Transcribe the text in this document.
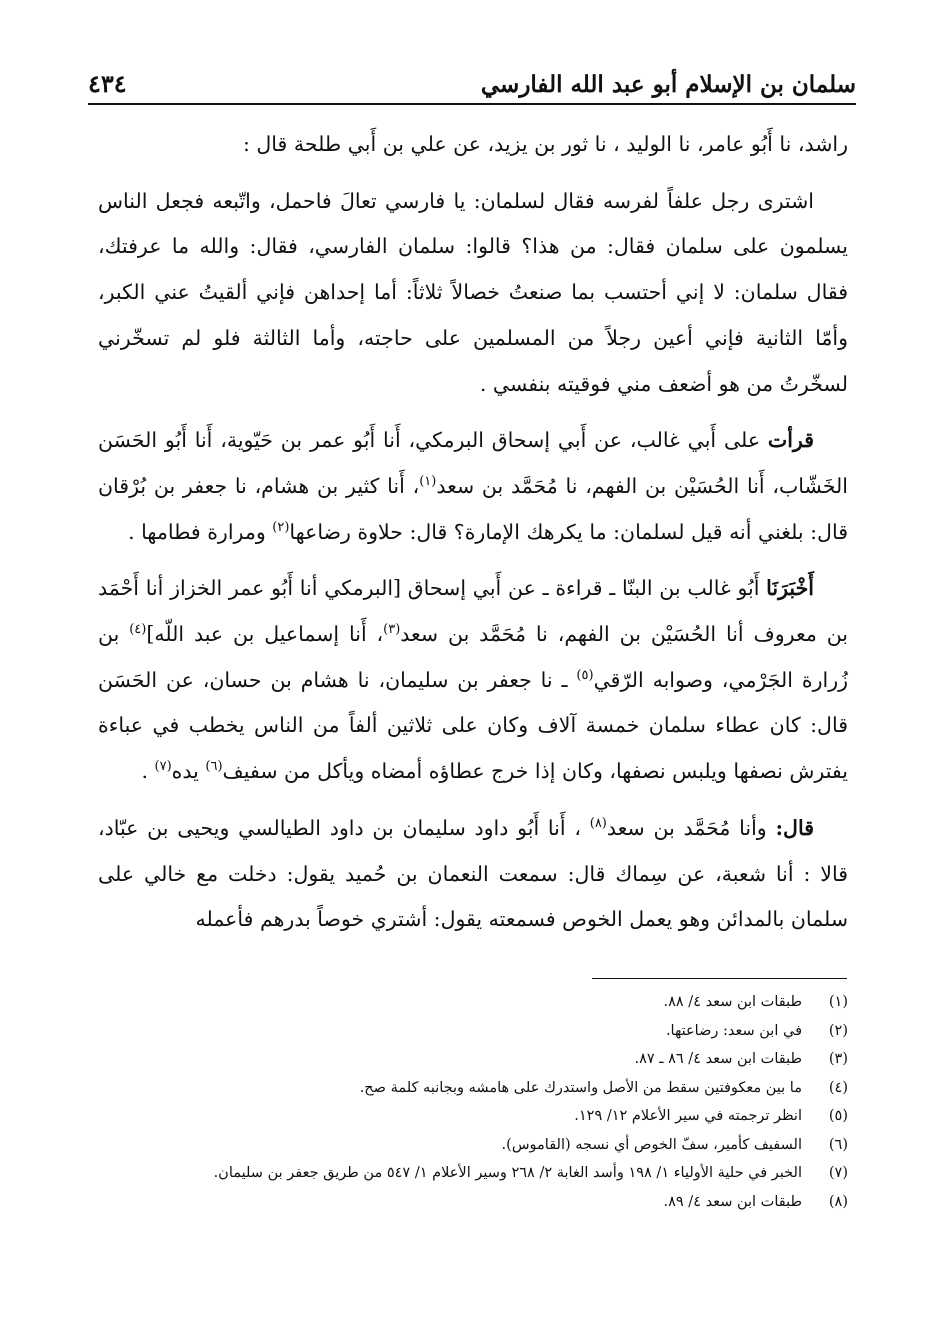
سلمان بن الإسلام أبو عبد الله الفارسي
٤٣٤

راشد، نا أَبُو عامر، نا الوليد ، نا ثور بن يزيد، عن علي بن أَبي طلحة قال :

اشترى رجل علفاً لفرسه فقال لسلمان: يا فارسي تعالَ فاحمل، واتّبعه فجعل الناس يسلمون على سلمان فقال: من هذا؟ قالوا: سلمان الفارسي، فقال: والله ما عرفتك، فقال سلمان: لا إني أحتسب بما صنعتُ خصالاً ثلاثاً: أما إحداهن فإني ألقيتُ عني الكبر، وأمّا الثانية فإني أعين رجلاً من المسلمين على حاجته، وأما الثالثة فلو لم تسخّرني لسخّرتُ من هو أضعف مني فوقيته بنفسي .

قرأت على أَبي غالب، عن أَبي إسحاق البرمكي، أَنا أَبُو عمر بن حَيّوية، أَنا أَبُو الحَسَن الخَشّاب، أَنا الحُسَيْن بن الفهم، نا مُحَمَّد بن سعد$^{(١)}$، أَنا كثير بن هشام، نا جعفر بن بُرْقان قال: بلغني أنه قيل لسلمان: ما يكرهك الإمارة؟ قال: حلاوة رضاعها$^{(٢)}$ ومرارة فطامها .

أَخْبَرَنَا أَبُو غالب بن البنّا ـ قراءة ـ عن أَبي إسحاق [البرمكي أنا أَبُو عمر الخزاز أنا أَحْمَد بن معروف أنا الحُسَيْن بن الفهم، نا مُحَمَّد بن سعد$^{(٣)}$، أَنا إسماعيل بن عبد اللّه]$^{(٤)}$ بن زُرارة الجَرْمي، وصوابه الرّقي$^{(٥)}$ ـ نا جعفر بن سليمان، نا هشام بن حسان، عن الحَسَن قال: كان عطاء سلمان خمسة آلاف وكان على ثلاثين ألفاً من الناس يخطب في عباءة يفترش نصفها ويلبس نصفها، وكان إذا خرج عطاؤه أمضاه ويأكل من سفيف$^{(٦)}$ يده$^{(٧)}$ .

قال: وأنا مُحَمَّد بن سعد$^{(٨)}$ ، أَنا أَبُو داود سليمان بن داود الطيالسي ويحيى بن عبّاد، قالا : أنا شعبة، عن سِماك قال: سمعت النعمان بن حُميد يقول: دخلت مع خالي على سلمان بالمدائن وهو يعمل الخوص فسمعته يقول: أشتري خوصاً بدرهم فأعمله

(١)
طبقات ابن سعد ٤/ ٨٨.
(٢)
في ابن سعد: رضاعتها.
(٣)
طبقات ابن سعد ٤/ ٨٦ ـ ٨٧.
(٤)
ما بين معكوفتين سقط من الأصل واستدرك على هامشه وبجانبه كلمة صح.
(٥)
انظر ترجمته في سير الأعلام ١٢/ ١٢٩.
(٦)
السفيف كأمير، سفّ الخوص أي نسجه (القاموس).
(٧)
الخبر في حلية الأولياء ١/ ١٩٨ وأسد الغابة ٢/ ٢٦٨ وسير الأعلام ١/ ٥٤٧ من طريق جعفر بن سليمان.
(٨)
طبقات ابن سعد ٤/ ٨٩.
